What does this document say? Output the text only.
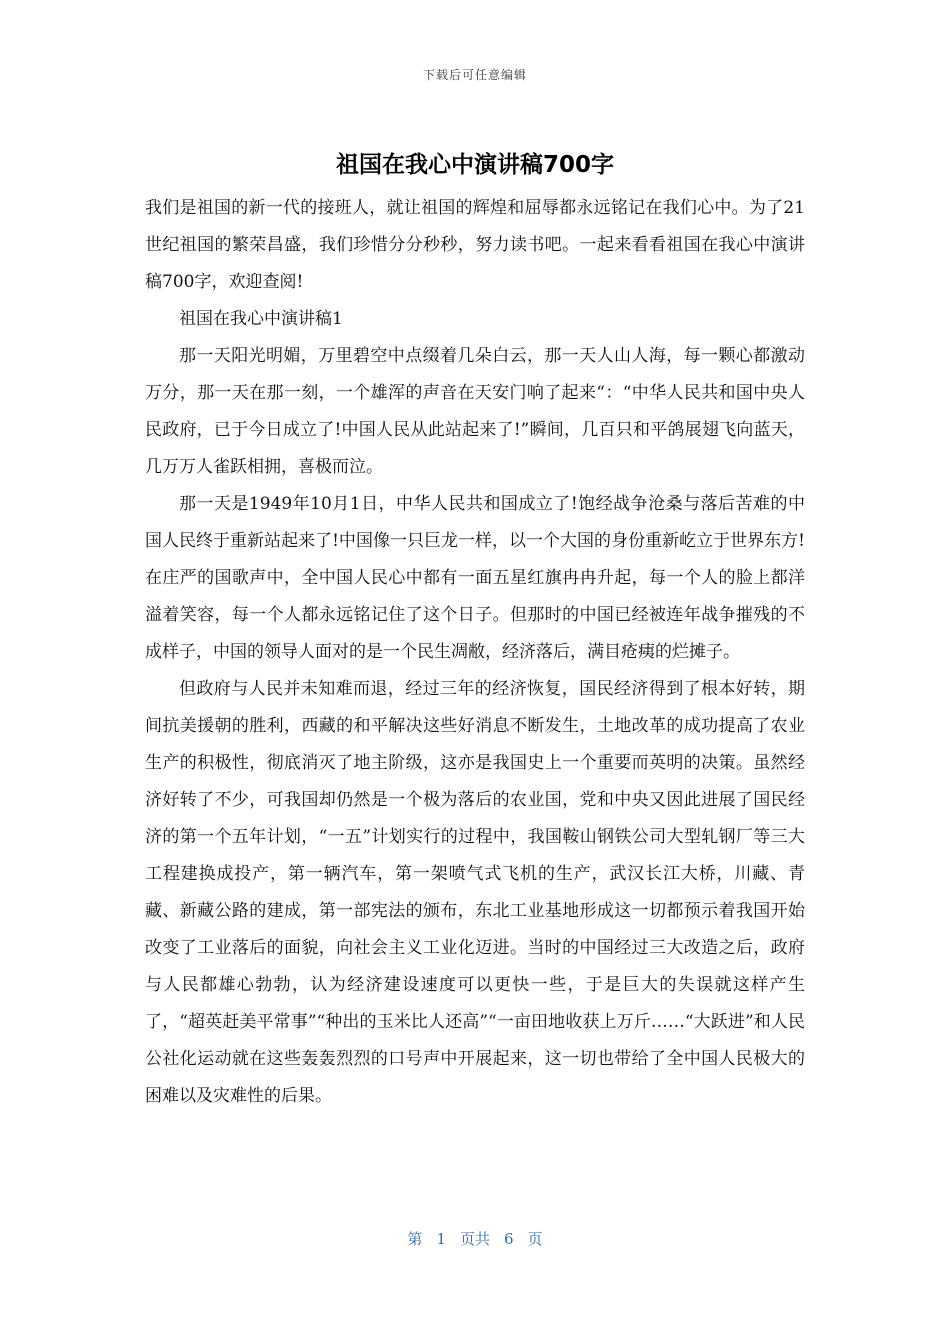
下载后可任意编辑
祖国在我心中演讲稿700字

我们是祖国的新一代的接班人，就让祖国的辉煌和屈辱都永远铭记在我们心中。为了21世纪祖国的繁荣昌盛，我们珍惜分分秒秒，努力读书吧。一起来看看祖国在我心中演讲稿700字，欢迎查阅!

祖国在我心中演讲稿1

那一天阳光明媚，万里碧空中点缀着几朵白云，那一天人山人海，每一颗心都激动万分，那一天在那一刻，一个雄浑的声音在天安门响了起来“：“中华人民共和国中央人民政府，已于今日成立了!中国人民从此站起来了!”瞬间，几百只和平鸽展翅飞向蓝天，几万万人雀跃相拥，喜极而泣。

那一天是1949年10月1日，中华人民共和国成立了!饱经战争沧桑与落后苦难的中国人民终于重新站起来了!中国像一只巨龙一样，以一个大国的身份重新屹立于世界东方!在庄严的国歌声中，全中国人民心中都有一面五星红旗冉冉升起，每一个人的脸上都洋溢着笑容，每一个人都永远铭记住了这个日子。但那时的中国已经被连年战争摧残的不成样子，中国的领导人面对的是一个民生凋敝，经济落后，满目疮痍的烂摊子。

但政府与人民并未知难而退，经过三年的经济恢复，国民经济得到了根本好转，期间抗美援朝的胜利，西藏的和平解决这些好消息不断发生，土地改革的成功提高了农业生产的积极性，彻底消灭了地主阶级，这亦是我国史上一个重要而英明的决策。虽然经济好转了不少，可我国却仍然是一个极为落后的农业国，党和中央又因此进展了国民经济的第一个五年计划，“一五”计划实行的过程中，我国鞍山钢铁公司大型轧钢厂等三大工程建换成投产，第一辆汽车，第一架喷气式飞机的生产，武汉长江大桥，川藏、青藏、新藏公路的建成，第一部宪法的颁布，东北工业基地形成这一切都预示着我国开始改变了工业落后的面貌，向社会主义工业化迈进。当时的中国经过三大改造之后，政府与人民都雄心勃勃，认为经济建设速度可以更快一些，于是巨大的失误就这样产生了，“超英赶美平常事”“种出的玉米比人还高”“一亩田地收获上万斤……“大跃进”和人民公社化运动就在这些轰轰烈烈的口号声中开展起来，这一切也带给了全中国人民极大的困难以及灾难性的后果。

第 1 页共 6 页
